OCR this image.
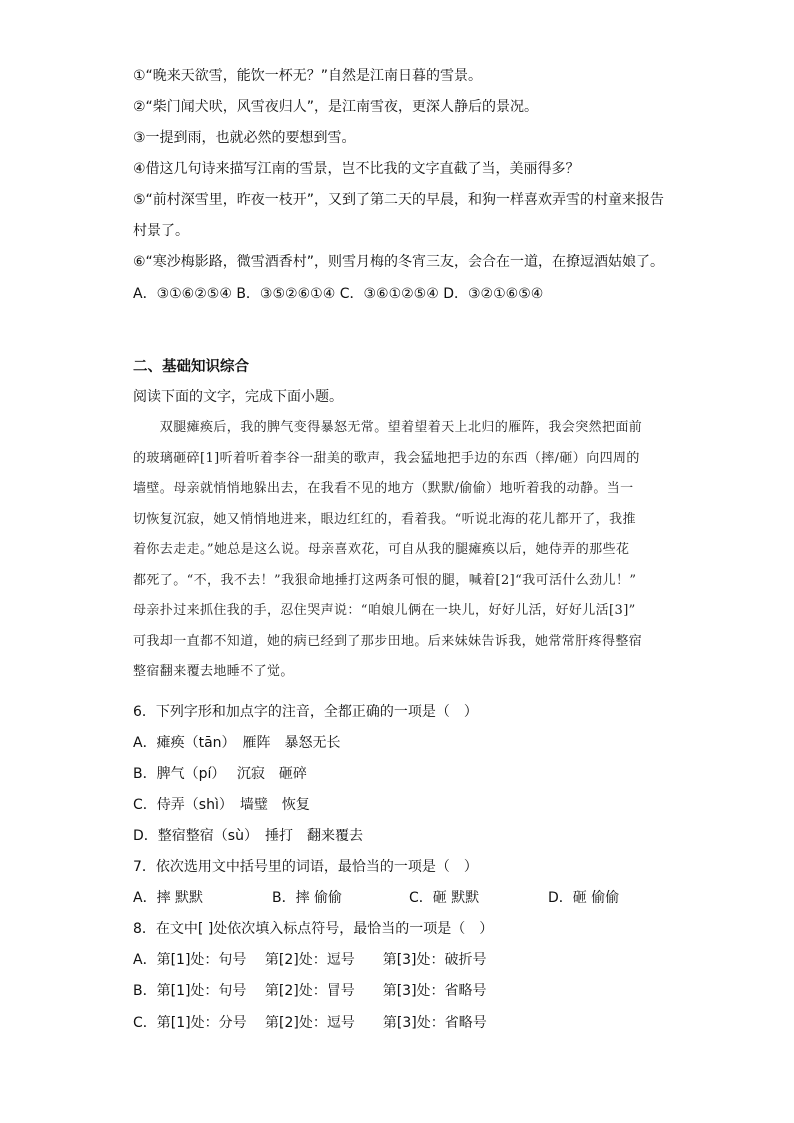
①“晚来天欲雪，能饮一杯无？”自然是江南日暮的雪景。
②“柴门闻犬吠，风雪夜归人”，是江南雪夜，更深人静后的景况。
③一提到雨，也就必然的要想到雪。
④借这几句诗来描写江南的雪景，岂不比我的文字直截了当，美丽得多？
⑤“前村深雪里，昨夜一枝开”，又到了第二天的早晨，和狗一样喜欢弄雪的村童来报告
村景了。
⑥“寒沙梅影路，微雪酒香村”，则雪月梅的冬宵三友，会合在一道，在撩逗酒姑娘了。
A．③①⑥②⑤④ B．③⑤②⑥①④ C．③⑥①②⑤④ D．③②①⑥⑤④
二、基础知识综合
阅读下面的文字，完成下面小题。

　　双腿瘫痪后，我的脾气变得暴怒无常。望着望着天上北归的雁阵，我会突然把面前

的玻璃砸碎[1]听着听着李谷一甜美的歌声，我会猛地把手边的东西（摔/砸）向四周的

墙壁。母亲就悄悄地躲出去，在我看不见的地方（默默/偷偷）地听着我的动静。当一

切恢复沉寂，她又悄悄地进来，眼边红红的，看着我。“听说北海的花儿都开了，我推

着你去走走。”她总是这么说。母亲喜欢花，可自从我的腿瘫痪以后，她侍弄的那些花

都死了。“不，我不去！”我狠命地捶打这两条可恨的腿，喊着[2]“我可活什么劲儿！”

母亲扑过来抓住我的手，忍住哭声说：“咱娘儿俩在一块儿，好好儿活，好好儿活[3]”

可我却一直都不知道，她的病已经到了那步田地。后来妹妹告诉我，她常常肝疼得整宿

整宿翻来覆去地睡不了觉。

6．下列字形和加点字的注音，全都正确的一项是（　）
A．瘫痪（tān）　雁阵　暴怒无长
B．脾气（pí）　 沉寂　砸碎
C．侍弄（shì）　墙璧　恢复
D．整宿整宿（sù）　捶打　翻来覆去
7．依次选用文中括号里的词语，最恰当的一项是（　）
A．摔 默默	B．摔 偷偷	C．砸 默默	D．砸 偷偷
8．在文中[ ]处依次填入标点符号，最恰当的一项是（　）
A．第[1]处：句号　 第[2]处：逗号　　第[3]处：破折号
B．第[1]处：句号　 第[2]处：冒号　　第[3]处：省略号
C．第[1]处：分号　 第[2]处：逗号　　第[3]处：省略号
